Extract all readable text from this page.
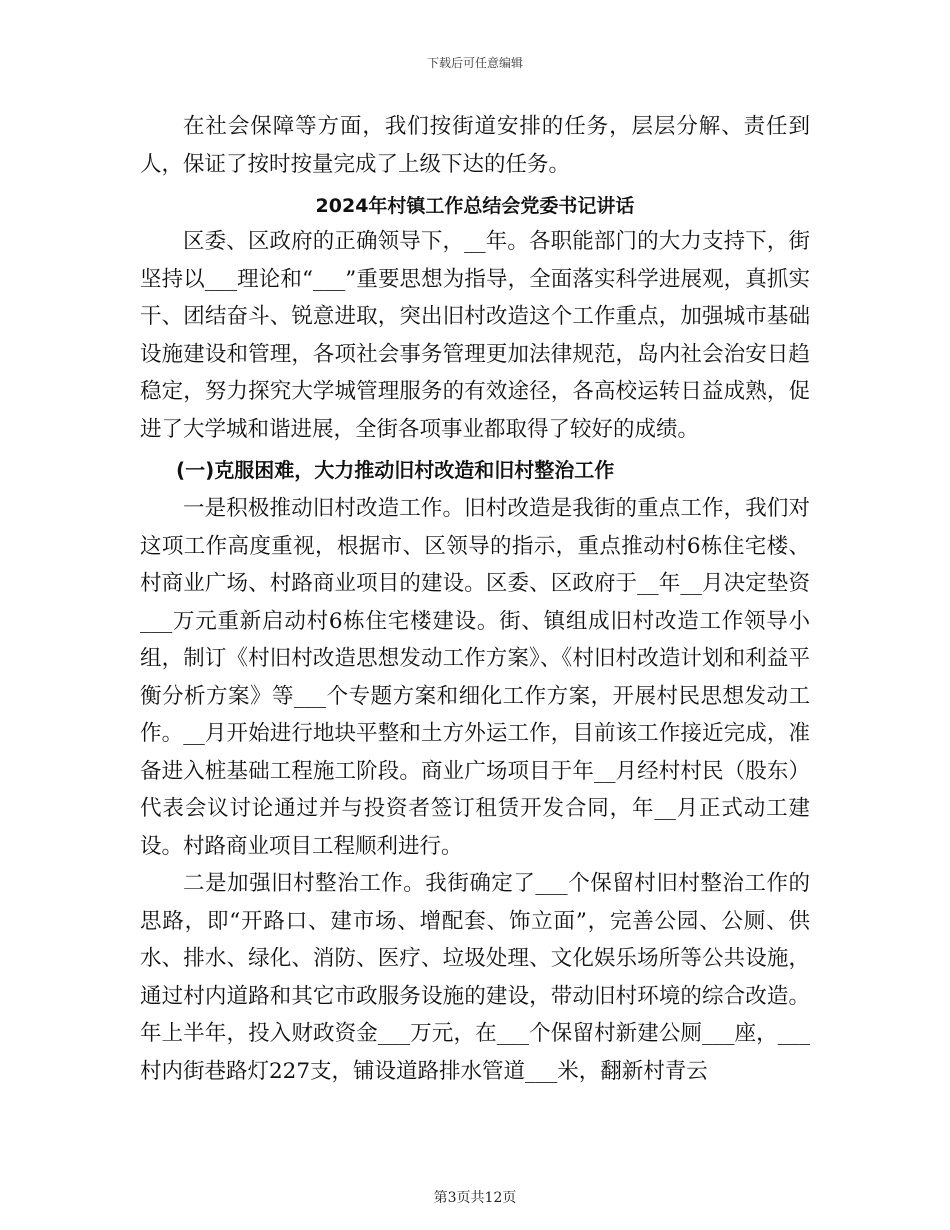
下载后可任意编辑

在社会保障等方面，我们按街道安排的任务，层层分解、责任到人，保证了按时按量完成了上级下达的任务。

2024年村镇工作总结会党委书记讲话

区委、区政府的正确领导下，__年。各职能部门的大力支持下，街坚持以___理论和“___”重要思想为指导，全面落实科学进展观，真抓实干、团结奋斗、锐意进取，突出旧村改造这个工作重点，加强城市基础设施建设和管理，各项社会事务管理更加法律规范，岛内社会治安日趋稳定，努力探究大学城管理服务的有效途径，各高校运转日益成熟，促进了大学城和谐进展，全街各项事业都取得了较好的成绩。

(一)克服困难，大力推动旧村改造和旧村整治工作

一是积极推动旧村改造工作。旧村改造是我街的重点工作，我们对这项工作高度重视，根据市、区领导的指示，重点推动村6栋住宅楼、村商业广场、村路商业项目的建设。区委、区政府于__年__月决定垫资___万元重新启动村6栋住宅楼建设。街、镇组成旧村改造工作领导小组，制订《村旧村改造思想发动工作方案》、《村旧村改造计划和利益平衡分析方案》等___个专题方案和细化工作方案，开展村民思想发动工作。__月开始进行地块平整和土方外运工作，目前该工作接近完成，准备进入桩基础工程施工阶段。商业广场项目于年__月经村村民（股东）代表会议讨论通过并与投资者签订租赁开发合同，年__月正式动工建设。村路商业项目工程顺利进行。

二是加强旧村整治工作。我街确定了___个保留村旧村整治工作的思路，即“开路口、建市场、增配套、饰立面”，完善公园、公厕、供水、排水、绿化、消防、医疗、垃圾处理、文化娱乐场所等公共设施，通过村内道路和其它市政服务设施的建设，带动旧村环境的综合改造。年上半年，投入财政资金___万元，在___个保留村新建公厕___座，___村内街巷路灯227支，铺设道路排水管道___米，翻新村青云

第3页共12页
